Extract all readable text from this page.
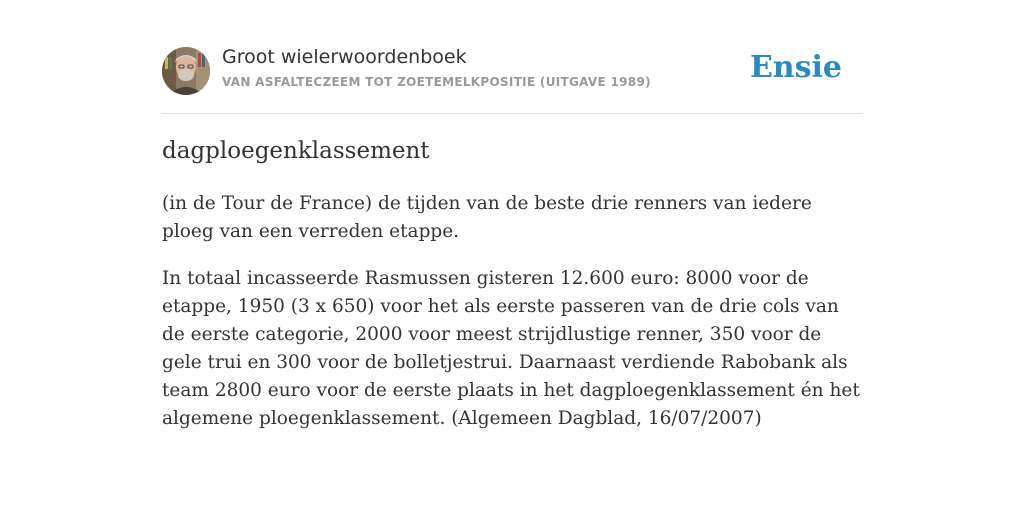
Groot wielerwoordenboek
VAN ASFALTECZEEM TOT ZOETEMELKPOSITIE (UITGAVE 1989)	Ensie
dagploegenklassement

(in de Tour de France) de tijden van de beste drie renners van iedere ploeg van een verreden etappe.

In totaal incasseerde Rasmussen gisteren 12.600 euro: 8000 voor de etappe, 1950 (3 x 650) voor het als eerste passeren van de drie cols van de eerste categorie, 2000 voor meest strijdlustige renner, 350 voor de gele trui en 300 voor de bolletjestrui. Daarnaast verdiende Rabobank als team 2800 euro voor de eerste plaats in het dagploegenklassement én het algemene ploegenklassement. (Algemeen Dagblad, 16/07/2007)
